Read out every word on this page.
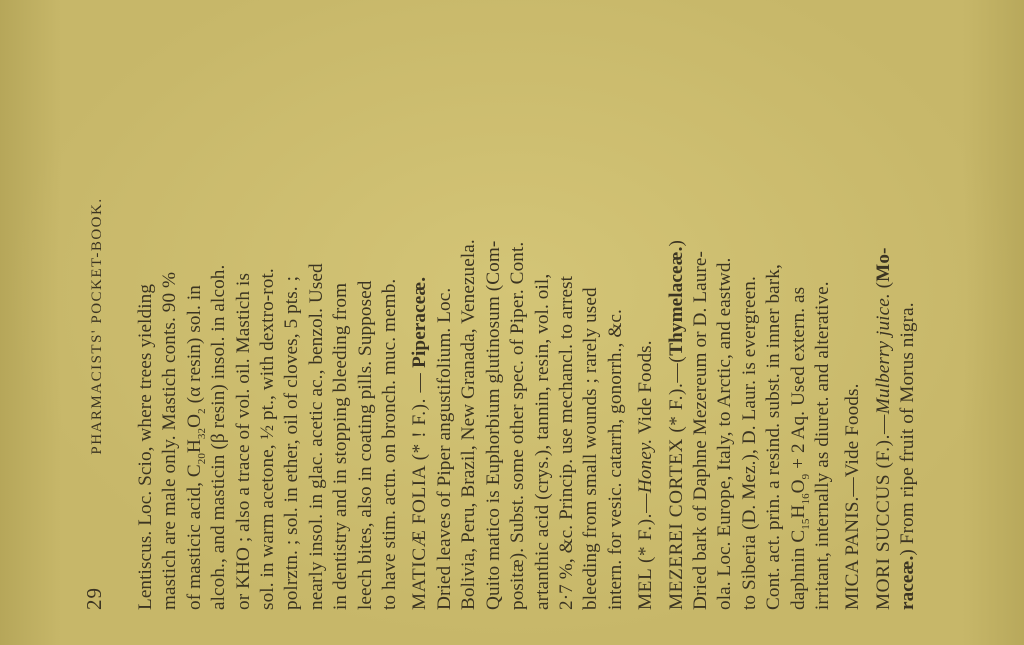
29
PHARMACISTS' POCKET-BOOK. Lentiscus. Loc. Scio, where trees yielding mastich are male only. Mastich conts. 90 % of masticic acid, $C_{20}H_{32}O_2$ (α resin) sol. in alcoh., and masticin (β resin) insol. in alcoh. or KHO ; also a trace of vol. oil. Mastich is sol. in warm acetone, ½ pt., with dextro-rot. polrztn. ; sol. in ether, oil of cloves, 5 pts. ; nearly insol. in glac. acetic ac., benzol. Used in dentistry and in stopping bleeding from leech bites, also in coating pills. Supposed to have stim. actn. on bronch. muc. memb. MATICÆ FOLIA (* ! F.). — Piperaceæ. Dried leaves of Piper angustifolium. Loc. Bolivia, Peru, Brazil, New Granada, Venezuela. Quito matico is Euphorbium glutinosum (Com- positæ). Subst. some other spec. of Piper. Cont. artanthic acid (crys.), tannin, resin, vol. oil, 2·7 %, &c. Princip. use mechancl. to arrest bleeding from small wounds ; rarely used intern. for vesic. catarrh, gonorrh., &c. MEL (* F.).—Honey. Vide Foods. MEZEREI CORTEX (* F.).—(Thymelaceæ.)
Dried bark of Daphne Mezereum or D. Laure- ola. Loc. Europe, Italy, to Arctic, and eastwd. to Siberia (D. Mez.), D. Laur. is evergreen. Cont. act. prin. a resind. subst. in inner bark, daphnin $C_{15}H_{16}O_9 + 2$ Aq. Used extern. as irritant, internally as diuret. and alterative. MICA PANIS.—Vide Foods. MORI SUCCUS (F.).—Mulberry juice. (Mo-
raceæ.) From ripe fruit of Morus nigra.
